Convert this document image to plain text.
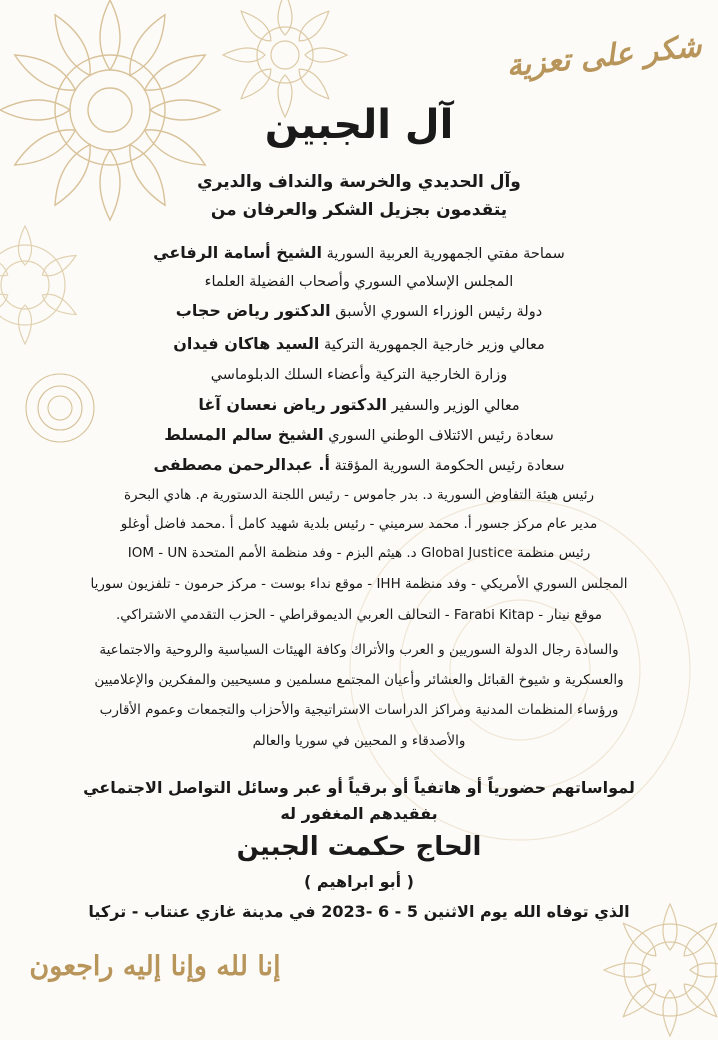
شكر على تعزية
آل الجبين
وآل الحديدي والخرسة والنداف والديري
يتقدمون بجزيل الشكر والعرفان من
سماحة مفتي الجمهورية العربية السورية الشيخ أسامة الرفاعي
المجلس الإسلامي السوري وأصحاب الفضيلة العلماء
دولة رئيس الوزراء السوري الأسبق الدكتور رياض حجاب
معالي وزير خارجية الجمهورية التركية السيد هاكان فيدان
وزارة الخارجية التركية وأعضاء السلك الدبلوماسي
معالي الوزير والسفير الدكتور رياض نعسان آغا
سعادة رئيس الائتلاف الوطني السوري الشيخ سالم المسلط
سعادة رئيس الحكومة السورية المؤقتة أ. عبدالرحمن مصطفى
رئيس هيئة التفاوض السورية د. بدر جاموس - رئيس اللجنة الدستورية م. هادي البحرة
مدير عام مركز جسور أ. محمد سرميني - رئيس بلدية شهيد كامل أ .محمد فاضل أوغلو
رئيس منظمة Global Justice د. هيثم البزم - وفد منظمة الأمم المتحدة IOM - UN
المجلس السوري الأمريكي - وفد منظمة IHH - موقع نداء بوست - مركز حرمون - تلفزيون سوريا
موقع نينار - Farabi Kitap - التحالف العربي الديموقراطي - الحزب التقدمي الاشتراكي.
والسادة رجال الدولة السوريين و العرب والأتراك وكافة الهيئات السياسية والروحية والاجتماعية
والعسكرية و شيوخ القبائل والعشائر وأعيان المجتمع مسلمين و مسيحيين والمفكرين والإعلاميين
ورؤساء المنظمات المدنية ومراكز الدراسات الاستراتيجية والأحزاب والتجمعات وعموم الأقارب
والأصدقاء و المحبين في سوريا والعالم
لمواساتهم حضورياً أو هاتفياً أو برقياً أو عبر وسائل التواصل الاجتماعي
بفقيدهم المغفور له
الحاج حكمت الجبين
( أبو ابراهيم )
الذي توفاه الله يوم الاثنين 5 - 6 -2023 في مدينة غازي عنتاب - تركيا
إنا لله وإنا إليه راجعون
